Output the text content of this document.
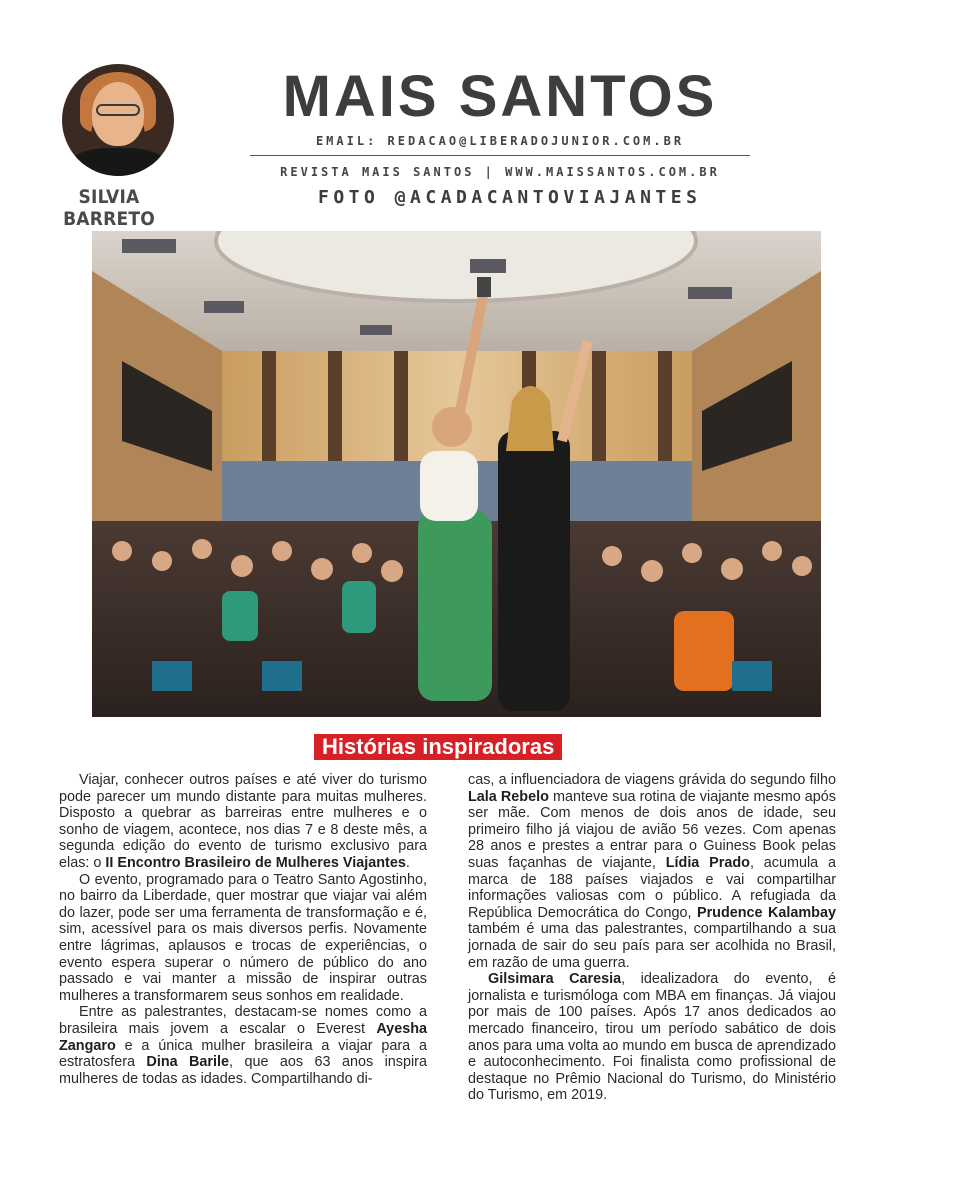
SILVIA BARRETO
MAIS SANTOS
EMAIL: REDACAO@LIBERADOJUNIOR.COM.BR
REVISTA MAIS SANTOS | WWW.MAISSANTOS.COM.BR
FOTO @ACADACANTOVIAJANTES
Histórias inspiradoras

Viajar, conhecer outros países e até viver do turismo pode parecer um mundo distante para muitas mulheres. Disposto a quebrar as barreiras entre mulheres e o sonho de viagem, acontece, nos dias 7 e 8 deste mês, a segunda edição do evento de turismo exclusivo para elas: o II Encontro Brasileiro de Mulheres Viajantes.

O evento, programado para o Teatro Santo Agostinho, no bairro da Liberdade, quer mostrar que viajar vai além do lazer, pode ser uma ferramenta de transformação e é, sim, acessível para os mais diversos perfis. Novamente entre lágrimas, aplausos e trocas de experiências, o evento espera superar o número de público do ano passado e vai manter a missão de inspirar outras mulheres a transformarem seus sonhos em realidade.

Entre as palestrantes, destacam-se nomes como a brasileira mais jovem a escalar o Everest Ayesha Zangaro e a única mulher brasileira a viajar para a estratosfera Dina Barile, que aos 63 anos inspira mulheres de todas as idades. Compartilhando di-

cas, a influenciadora de viagens grávida do segundo filho Lala Rebelo manteve sua rotina de viajante mesmo após ser mãe. Com menos de dois anos de idade, seu primeiro filho já viajou de avião 56 vezes. Com apenas 28 anos e prestes a entrar para o Guiness Book pelas suas façanhas de viajante, Lídia Prado, acumula a marca de 188 países viajados e vai compartilhar informações valiosas com o público. A refugiada da República Democrática do Congo, Prudence Kalambay também é uma das palestrantes, compartilhando a sua jornada de sair do seu país para ser acolhida no Brasil, em razão de uma guerra.

Gilsimara Caresia, idealizadora do evento, é jornalista e turismóloga com MBA em finanças. Já viajou por mais de 100 países. Após 17 anos dedicados ao mercado financeiro, tirou um período sabático de dois anos para uma volta ao mundo em busca de aprendizado e autoconhecimento. Foi finalista como profissional de destaque no Prêmio Nacional do Turismo, do Ministério do Turismo, em 2019.
